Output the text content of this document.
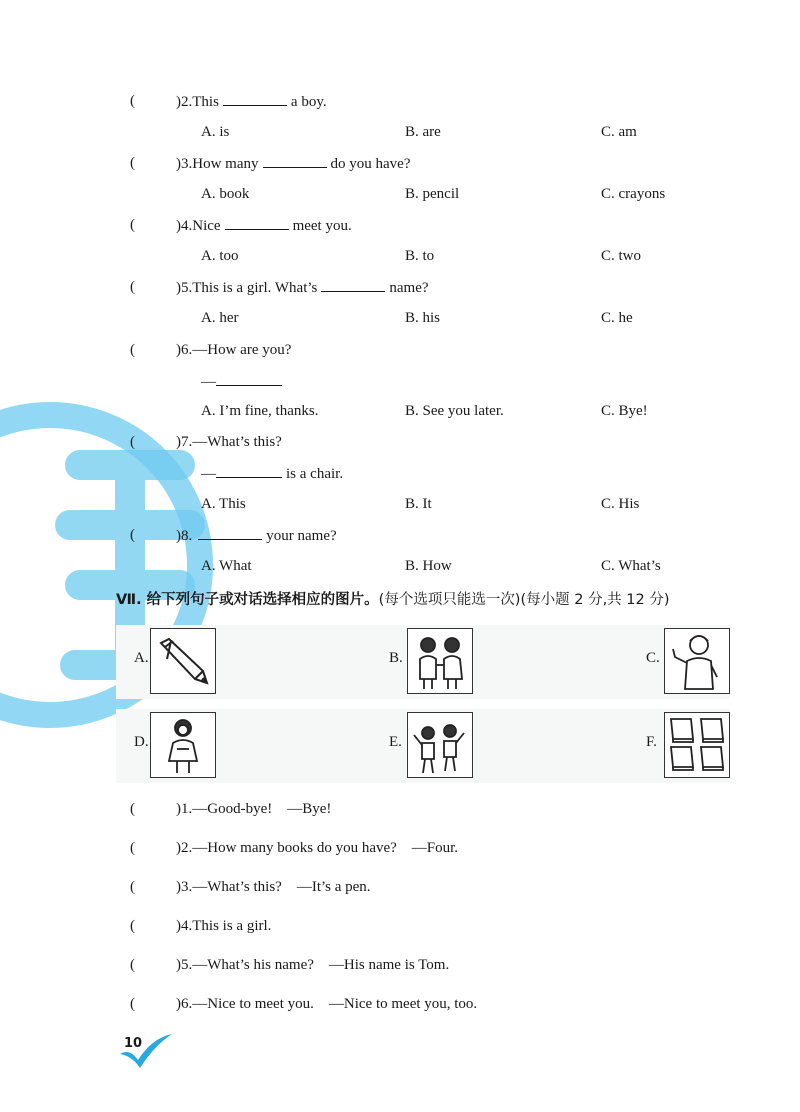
(	)2.This	a boy.
A. is	B. are	C. am
(	)3.How many	do you have?
A. book	B. pencil	C. crayons
(	)4.Nice	meet you.
A. too	B. to	C. two
(	)5.This is a girl. What’s	name?
A. her	B. his	C. he
(	)6.—How are you?
—
A. I’m fine, thanks.	B. See you later.	C. Bye!
(	)7.—What’s this?
—	is a chair.
A. This	B. It	C. His
(	)8.	your name?
A. What	B. How	C. What’s
Ⅶ. 给下列句子或对话选择相应的图片。(每个选项只能选一次)(每小题 2 分,共 12 分)
A.	B.	C.
D.	E.	F.
(	)1.—Good-bye!    —Bye!
(	)2.—How many books do you have?    —Four.
(	)3.—What’s this?    —It’s a pen.
(	)4.This is a girl.
(	)5.—What’s his name?    —His name is Tom.
(	)6.—Nice to meet you.    —Nice to meet you, too.
10
